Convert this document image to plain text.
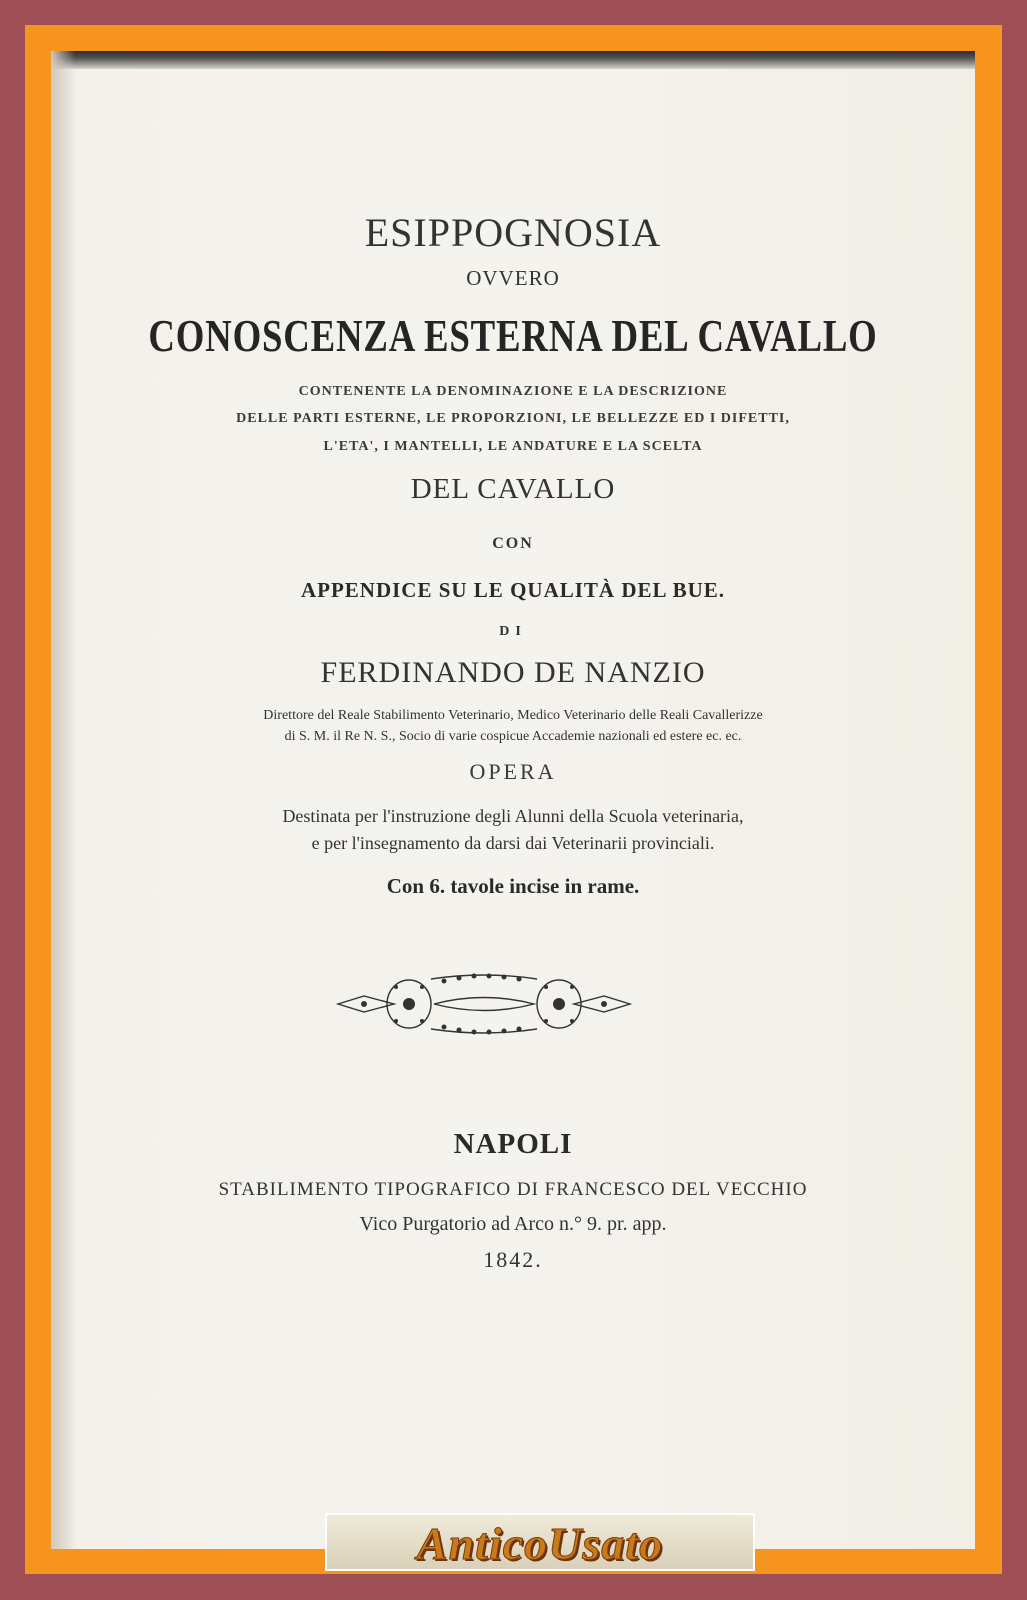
ESIPPOGNOSIA

OVVERO

CONOSCENZA ESTERNA DEL CAVALLO

CONTENENTE LA DENOMINAZIONE E LA DESCRIZIONE

DELLE PARTI ESTERNE, LE PROPORZIONI, LE BELLEZZE ED I DIFETTI,

L'ETA', I MANTELLI, LE ANDATURE E LA SCELTA

DEL CAVALLO

CON

APPENDICE SU LE QUALITÀ DEL BUE.

DI

FERDINANDO DE NANZIO

Direttore del Reale Stabilimento Veterinario, Medico Veterinario delle Reali Cavallerizze

di S. M. il Re N. S., Socio di varie cospicue Accademie nazionali ed estere ec. ec.

OPERA

Destinata per l'instruzione degli Alunni della Scuola veterinaria,

e per l'insegnamento da darsi dai Veterinarii provinciali.

Con 6. tavole incise in rame.

NAPOLI

STABILIMENTO TIPOGRAFICO DI FRANCESCO DEL VECCHIO

Vico Purgatorio ad Arco n.° 9. pr. app.

1842.

AnticoUsato
